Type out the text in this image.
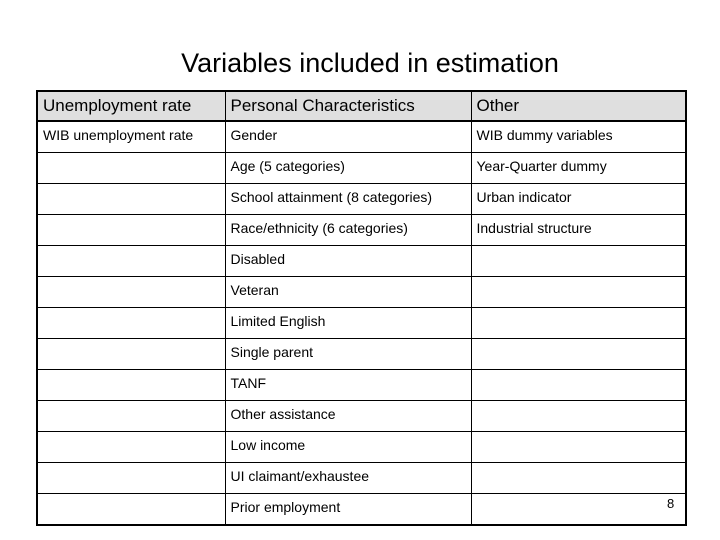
Variables included in estimation
Unemployment rate	Personal Characteristics	Other
WIB unemployment rate	Gender	WIB dummy variables
	Age (5 categories)	Year-Quarter dummy
	School attainment (8 categories)	Urban indicator
	Race/ethnicity (6 categories)	Industrial structure
	Disabled	
	Veteran	
	Limited English	
	Single parent	
	TANF	
	Other assistance	
	Low income	
	UI claimant/exhaustee	
	Prior employment		8
